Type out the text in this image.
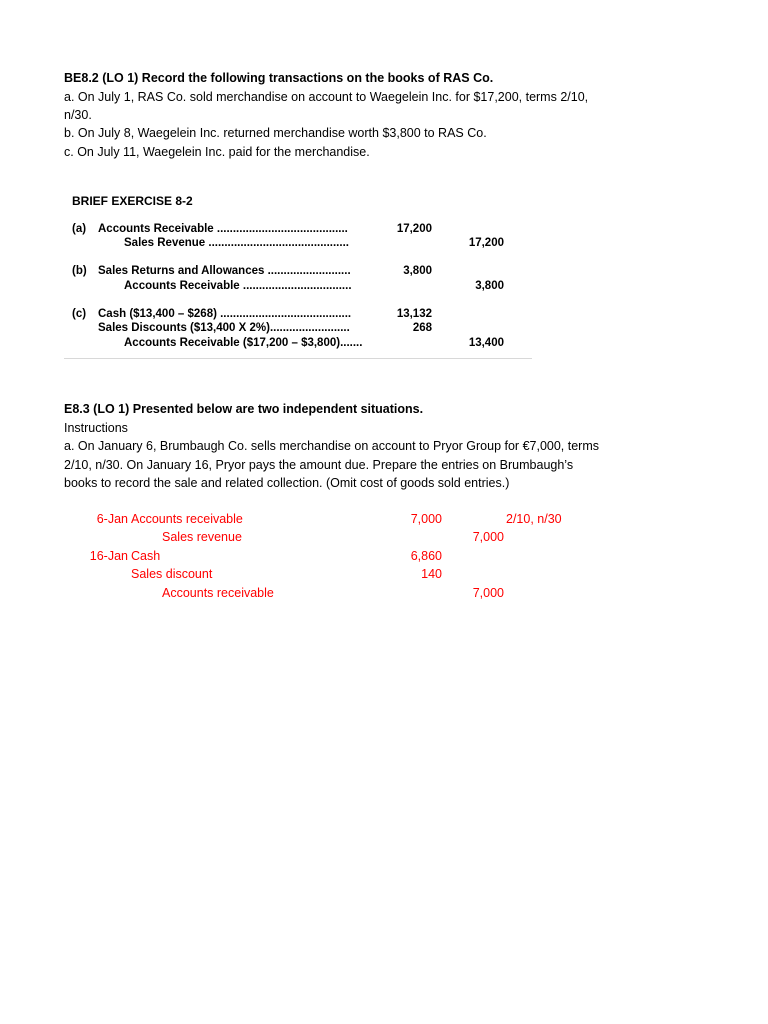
BE8.2 (LO 1) Record the following transactions on the books of RAS Co.
a. On July 1, RAS Co. sold merchandise on account to Waegelein Inc. for $17,200, terms 2/10,
n/30.
b. On July 8, Waegelein Inc. returned merchandise worth $3,800 to RAS Co.
c. On July 11, Waegelein Inc. paid for the merchandise.
BRIEF EXERCISE 8-2
(a) Accounts Receivable .........................................	17,200
Sales Revenue ............................................	17,200
(b) Sales Returns and Allowances ..........................	3,800
Accounts Receivable ..................................	3,800
(c) Cash ($13,400 – $268) .........................................	13,132
Sales Discounts ($13,400 X 2%).........................	268
Accounts Receivable ($17,200 – $3,800).......	13,400
E8.3 (LO 1) Presented below are two independent situations.
Instructions
a. On January 6, Brumbaugh Co. sells merchandise on account to Pryor Group for €7,000, terms
2/10, n/30. On January 16, Pryor pays the amount due. Prepare the entries on Brumbaugh’s
books to record the sale and related collection. (Omit cost of goods sold entries.)
6-Jan Accounts receivable	7,000	2/10, n/30
Sales revenue	7,000
16-Jan Cash	6,860
Sales discount	140
Accounts receivable	7,000
